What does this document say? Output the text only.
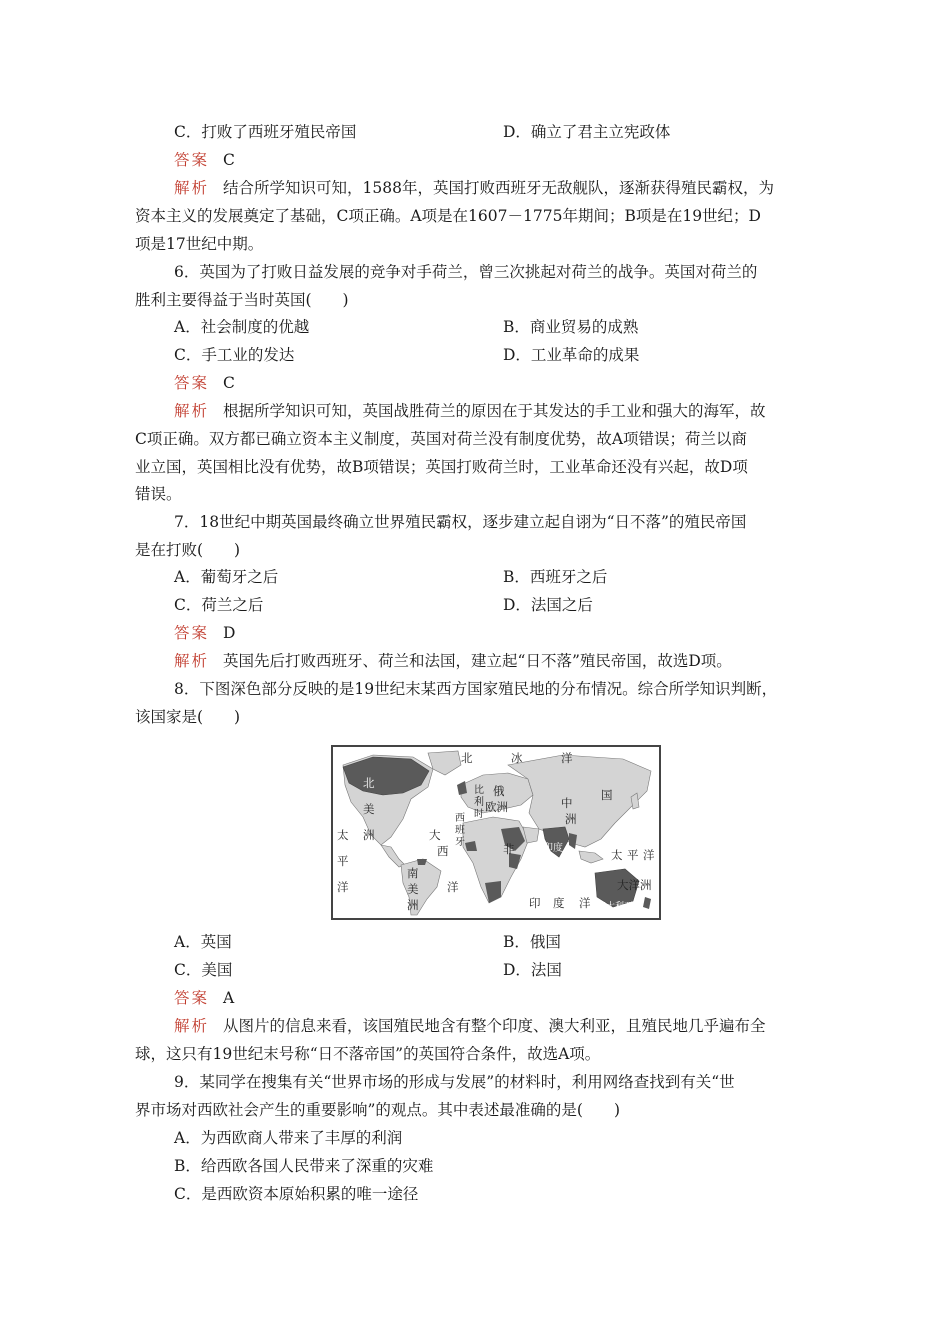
C．打败了西班牙殖民帝国	D．确立了君主立宪政体
答案 C
解析 结合所学知识可知，1588年，英国打败西班牙无敌舰队，逐渐获得殖民霸权，为
资本主义的发展奠定了基础，C项正确。A项是在1607－1775年期间；B项是在19世纪；D
项是17世纪中期。
6．英国为了打败日益发展的竞争对手荷兰，曾三次挑起对荷兰的战争。英国对荷兰的
胜利主要得益于当时英国(　　)
A．社会制度的优越	B．商业贸易的成熟
C．手工业的发达	D．工业革命的成果
答案 C
解析 根据所学知识可知，英国战胜荷兰的原因在于其发达的手工业和强大的海军，故
C项正确。双方都已确立资本主义制度，英国对荷兰没有制度优势，故A项错误；荷兰以商
业立国，英国相比没有优势，故B项错误；英国打败荷兰时，工业革命还没有兴起，故D项
错误。
7．18世纪中期英国最终确立世界殖民霸权，逐步建立起自诩为“日不落”的殖民帝国
是在打败(　　)
A．葡萄牙之后	B．西班牙之后
C．荷兰之后	D．法国之后
答案 D
解析 英国先后打败西班牙、荷兰和法国，建立起“日不落”殖民帝国，故选D项。
8．下图深色部分反映的是19世纪末某西方国家殖民地的分布情况。综合所学知识判断，
该国家是(　　)
北	冰	洋
北
美
洲
太
平
洋
大
西
洋
比
利
时
西
班
牙
俄
欧洲
非
中
国
洲
印度	太 平 洋
南
美
洲	印 度 洋
大洋洲
澳大利亚
A．英国	B．俄国
C．美国	D．法国
答案 A
解析 从图片的信息来看，该国殖民地含有整个印度、澳大利亚，且殖民地几乎遍布全
球，这只有19世纪末号称“日不落帝国”的英国符合条件，故选A项。
9．某同学在搜集有关“世界市场的形成与发展”的材料时，利用网络查找到有关“世
界市场对西欧社会产生的重要影响”的观点。其中表述最准确的是(　　)
A．为西欧商人带来了丰厚的利润
B．给西欧各国人民带来了深重的灾难
C．是西欧资本原始积累的唯一途径
